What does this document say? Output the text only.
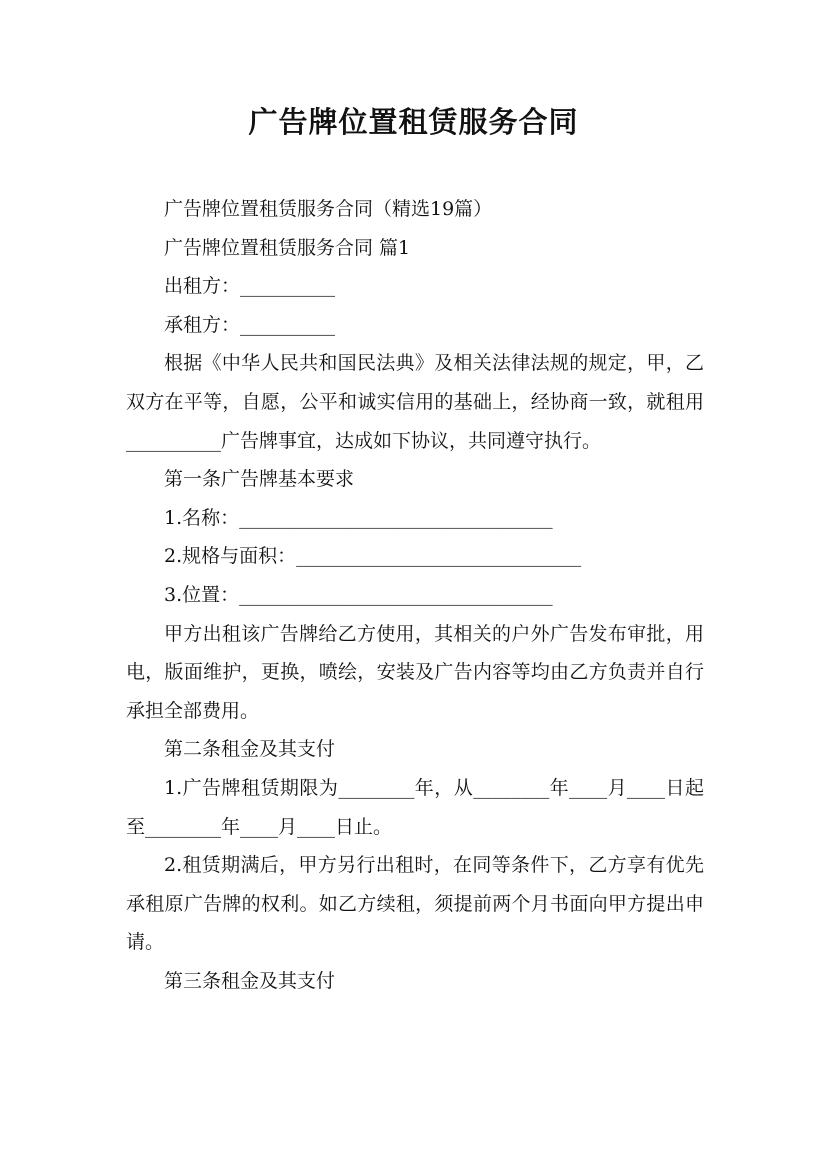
广告牌位置租赁服务合同

广告牌位置租赁服务合同（精选19篇）

广告牌位置租赁服务合同 篇1

出租方：__________

承租方：__________

根据《中华人民共和国民法典》及相关法律法规的规定，甲，乙双方在平等，自愿，公平和诚实信用的基础上，经协商一致，就租用__________广告牌事宜，达成如下协议，共同遵守执行。

第一条广告牌基本要求

1.名称：_________________________________

2.规格与面积：______________________________

3.位置：_________________________________

甲方出租该广告牌给乙方使用，其相关的户外广告发布审批，用电，版面维护，更换，喷绘，安装及广告内容等均由乙方负责并自行承担全部费用。

第二条租金及其支付

1.广告牌租赁期限为________年，从________年____月____日起至________年____月____日止。

2.租赁期满后，甲方另行出租时，在同等条件下，乙方享有优先承租原广告牌的权利。如乙方续租，须提前两个月书面向甲方提出申请。

第三条租金及其支付
